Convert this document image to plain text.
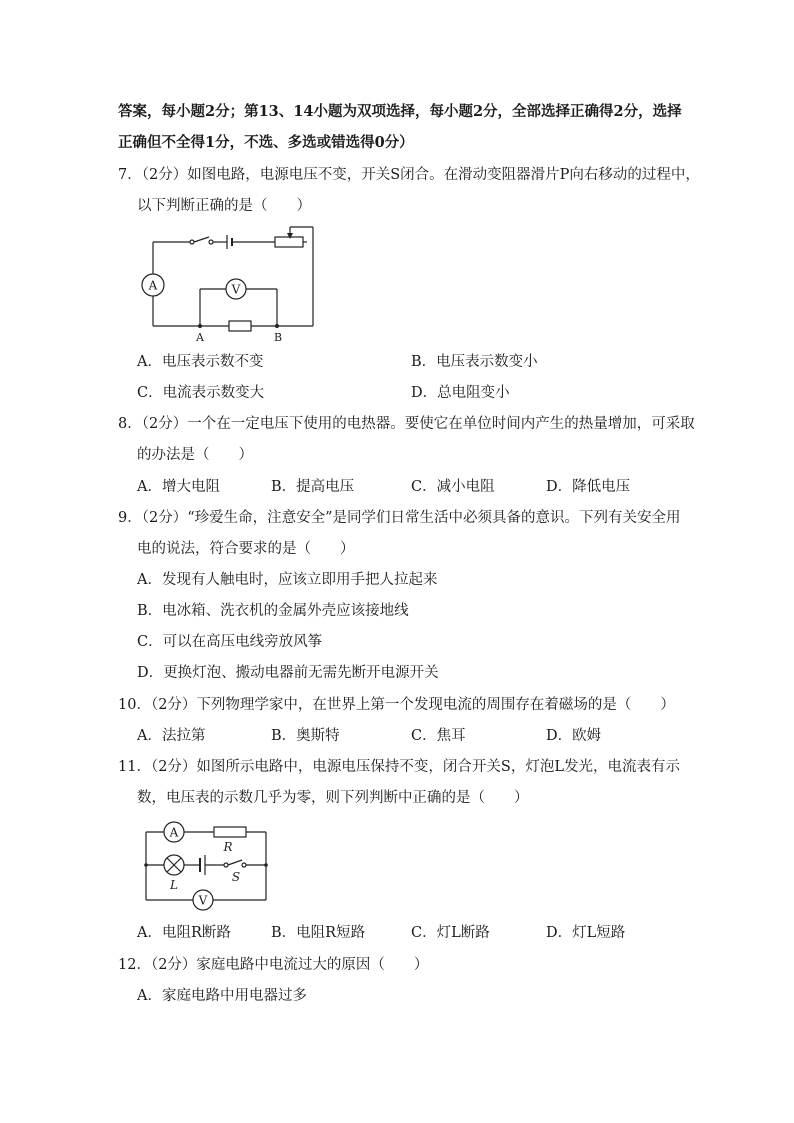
答案，每小题2分；第13、14小题为双项选择，每小题2分，全部选择正确得2分，选择
正确但不全得1分，不选、多选或错选得0分）
7．（2分）如图电路，电源电压不变，开关S闭合。在滑动变阻器滑片P向右移动的过程中，
以下判断正确的是（　　）
A	V
A	B
A．电压表示数不变	B．电压表示数变小
C．电流表示数变大	D．总电阻变小
8．（2分）一个在一定电压下使用的电热器。要使它在单位时间内产生的热量增加，可采取
的办法是（　　）
A．增大电阻	B．提高电压	C．减小电阻	D．降低电压
9．（2分）“珍爱生命，注意安全”是同学们日常生活中必须具备的意识。下列有关安全用
电的说法，符合要求的是（　　）
A．发现有人触电时，应该立即用手把人拉起来
B．电冰箱、洗衣机的金属外壳应该接地线
C．可以在高压电线旁放风筝
D．更换灯泡、搬动电器前无需先断开电源开关
10．（2分）下列物理学家中，在世界上第一个发现电流的周围存在着磁场的是（　　）
A．法拉第	B．奥斯特	C．焦耳	D．欧姆
11．（2分）如图所示电路中，电源电压保持不变，闭合开关S，灯泡L发光，电流表有示
数，电压表的示数几乎为零，则下列判断中正确的是（　　）
A
V
R
L
S
A．电阻R断路	B．电阻R短路	C．灯L断路	D．灯L短路
12．（2分）家庭电路中电流过大的原因（　　）
A．家庭电路中用电器过多
